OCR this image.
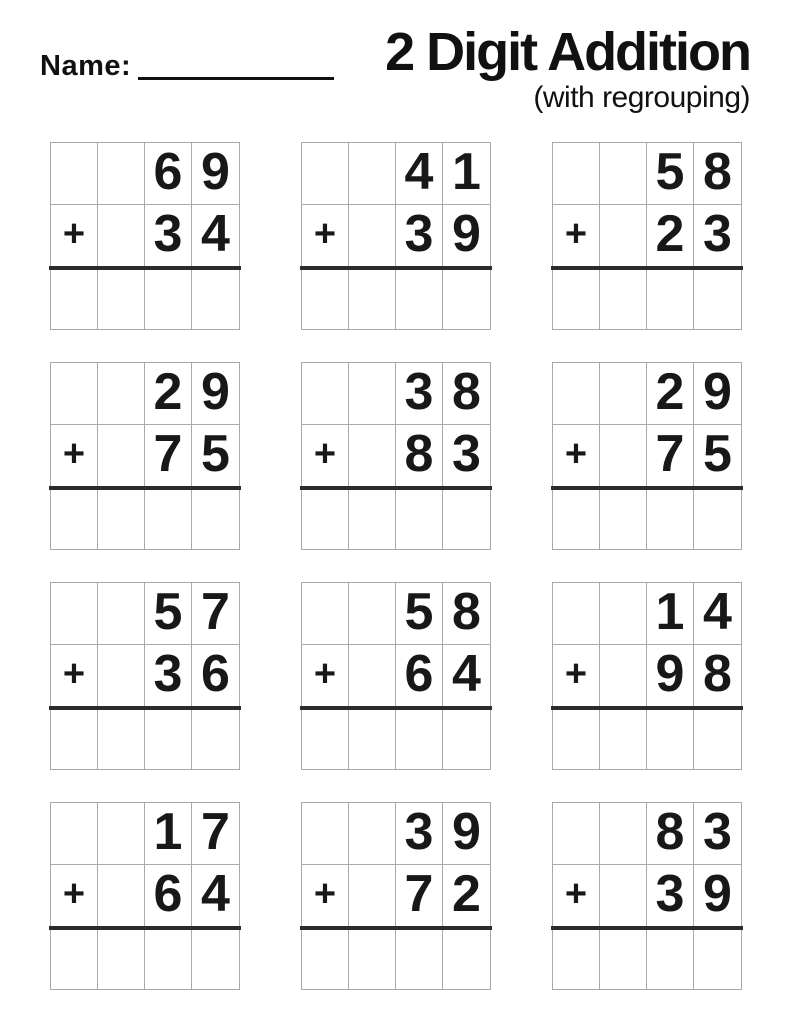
Name:	2 Digit Addition
(with regrouping)
6 9
+ 3 4
4 1
+ 3 9
5 8
+ 2 3
2 9
+ 7 5
3 8
+ 8 3
2 9
+ 7 5
5 7
+ 3 6
5 8
+ 6 4
1 4
+ 9 8
1 7
+ 6 4
3 9
+ 7 2
8 3
+ 3 9
